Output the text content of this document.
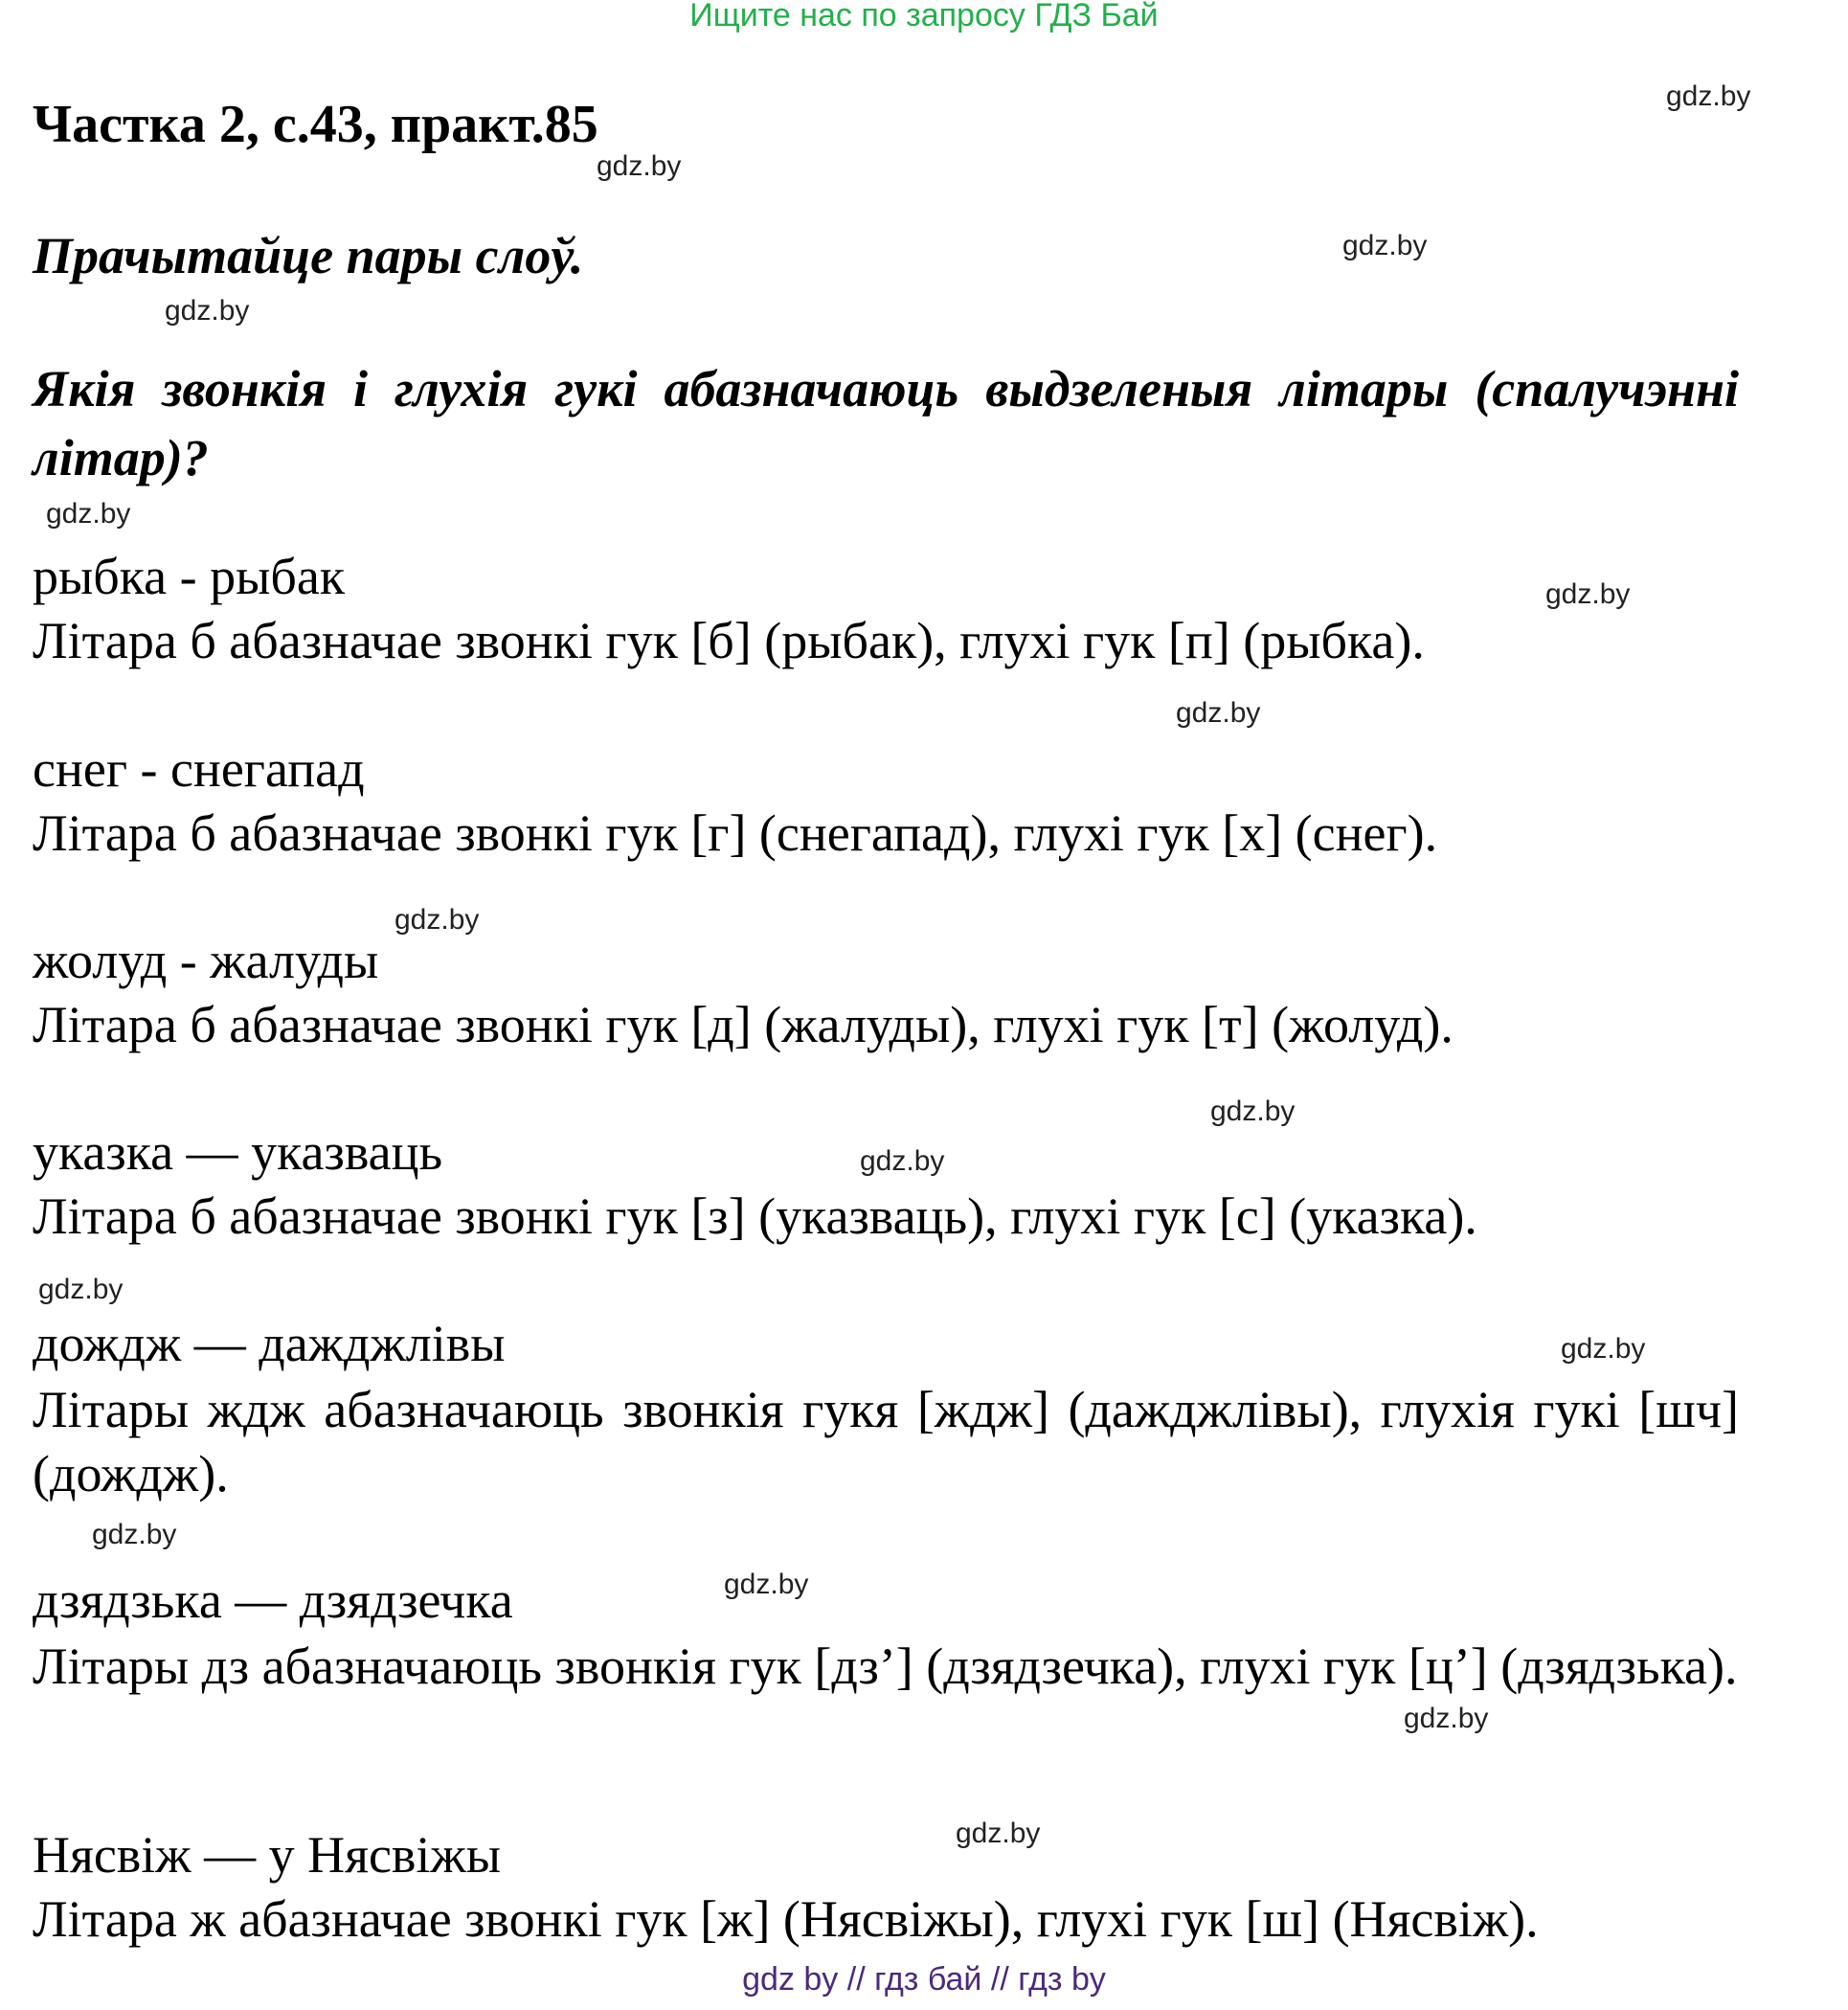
Ищите нас по запросу ГДЗ Бай
Частка 2, с.43, практ.85
Прачытайце пары слоў.
Якія звонкія і глухія гукі абазначаюць выдзеленыя літары (спалучэнні літар)?
рыбка - рыбак
Літара б абазначае звонкі гук [б] (рыбак), глухі гук [п] (рыбка).
снег - снегапад
Літара б абазначае звонкі гук [г] (снегапад), глухі гук [х] (снег).
жолуд - жалуды
Літара б абазначае звонкі гук [д] (жалуды), глухі гук [т] (жолуд).
указка — указваць
Літара б абазначае звонкі гук [з] (указваць), глухі гук [с] (указка).
дождж — дажджлівы
Літары ждж абазначаюць звонкія гукя [ждж] (дажджлівы), глухія гукі [шч] (дождж).
дзядзька — дзядзечка
Літары дз абазначаюць звонкія гук [дз’] (дзядзечка), глухі гук [ц’] (дзядзька).
Нясвіж — у Нясвіжы
Літара ж абазначае звонкі гук [ж] (Нясвіжы), глухі гук [ш] (Нясвіж).
gdz.by
gdz.by
gdz.by
gdz.by
gdz.by
gdz.by
gdz.by
gdz.by
gdz.by
gdz.by
gdz.by
gdz.by
gdz.by
gdz.by
gdz.by
gdz.by
gdz by // гдз бай // гдз by
